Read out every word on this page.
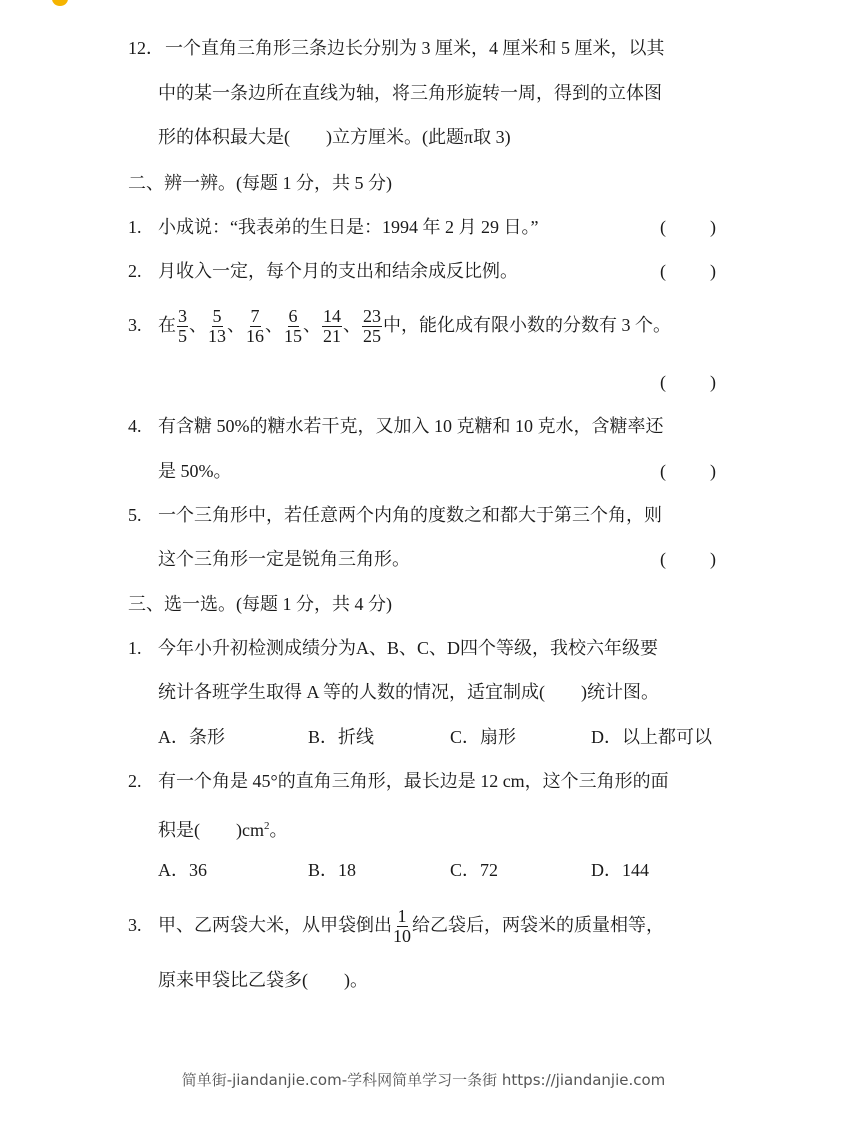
12． 一个直角三角形三条边长分别为 3 厘米，4 厘米和 5 厘米，以其
中的某一条边所在直线为轴，将三角形旋转一周，得到的立体图
形的体积最大是(　　)立方厘米。(此题π取 3)
二、辨一辨。(每题 1 分，共 5 分)
1. 小成说：“我表弟的生日是：1994 年 2 月 29 日。”	( )
2. 月收入一定，每个月的支出和结余成反比例。	( )
3. 在 $\frac{3}{5}$ 、 $\frac{5}{13}$ 、 $\frac{7}{16}$ 、 $\frac{6}{15}$ 、 $\frac{14}{21}$ 、 $\frac{23}{25}$ 中，能化成有限小数的分数有 3 个。
( )
4. 有含糖 50%的糖水若干克，又加入 10 克糖和 10 克水，含糖率还
是 50%。	( )
5. 一个三角形中，若任意两个内角的度数之和都大于第三个角，则
这个三角形一定是锐角三角形。	( )
三、选一选。(每题 1 分，共 4 分)
1. 今年小升初检测成绩分为A、B、C、D四个等级，我校六年级要
统计各班学生取得 A 等的人数的情况，适宜制成(　　)统计图。
A．条形	B．折线	C．扇形	D．以上都可以
2. 有一个角是 45°的直角三角形，最长边是 12 cm，这个三角形的面
积是(　　)$cm^2$。
A．36	B．18	C．72	D．144
3. 甲、乙两袋大米，从甲袋倒出 $\frac{1}{10}$ 给乙袋后，两袋米的质量相等，
原来甲袋比乙袋多(　　)。
简单街-jiandanjie.com-学科网简单学习一条街 https://jiandanjie.com
